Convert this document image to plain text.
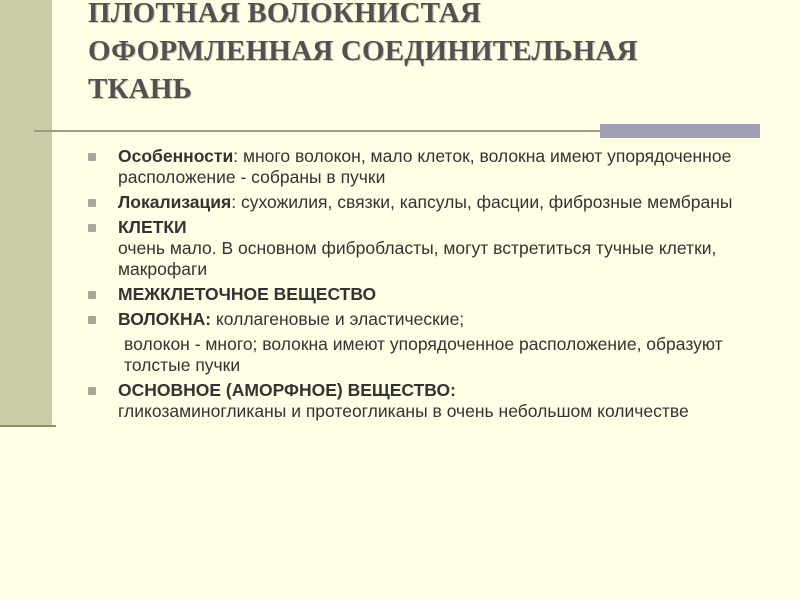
ПЛОТНАЯ ВОЛОКНИСТАЯ
ОФОРМЛЕННАЯ СОЕДИНИТЕЛЬНАЯ
ТКАНЬ
Особенности: много волокон, мало клеток, волокна имеют упорядоченное расположение - собраны в пучки
Локализация: сухожилия, связки, капсулы, фасции, фиброзные мембраны
КЛЕТКИ
очень мало. В основном фибробласты, могут встретиться тучные клетки, макрофаги
МЕЖКЛЕТОЧНОЕ ВЕЩЕСТВО
ВОЛОКНА: коллагеновые и эластические;
волокон - много; волокна имеют упорядоченное расположение, образуют толстые пучки
ОСНОВНОЕ (АМОРФНОЕ) ВЕЩЕСТВО:
гликозаминогликаны и протеогликаны в очень небольшом количестве
